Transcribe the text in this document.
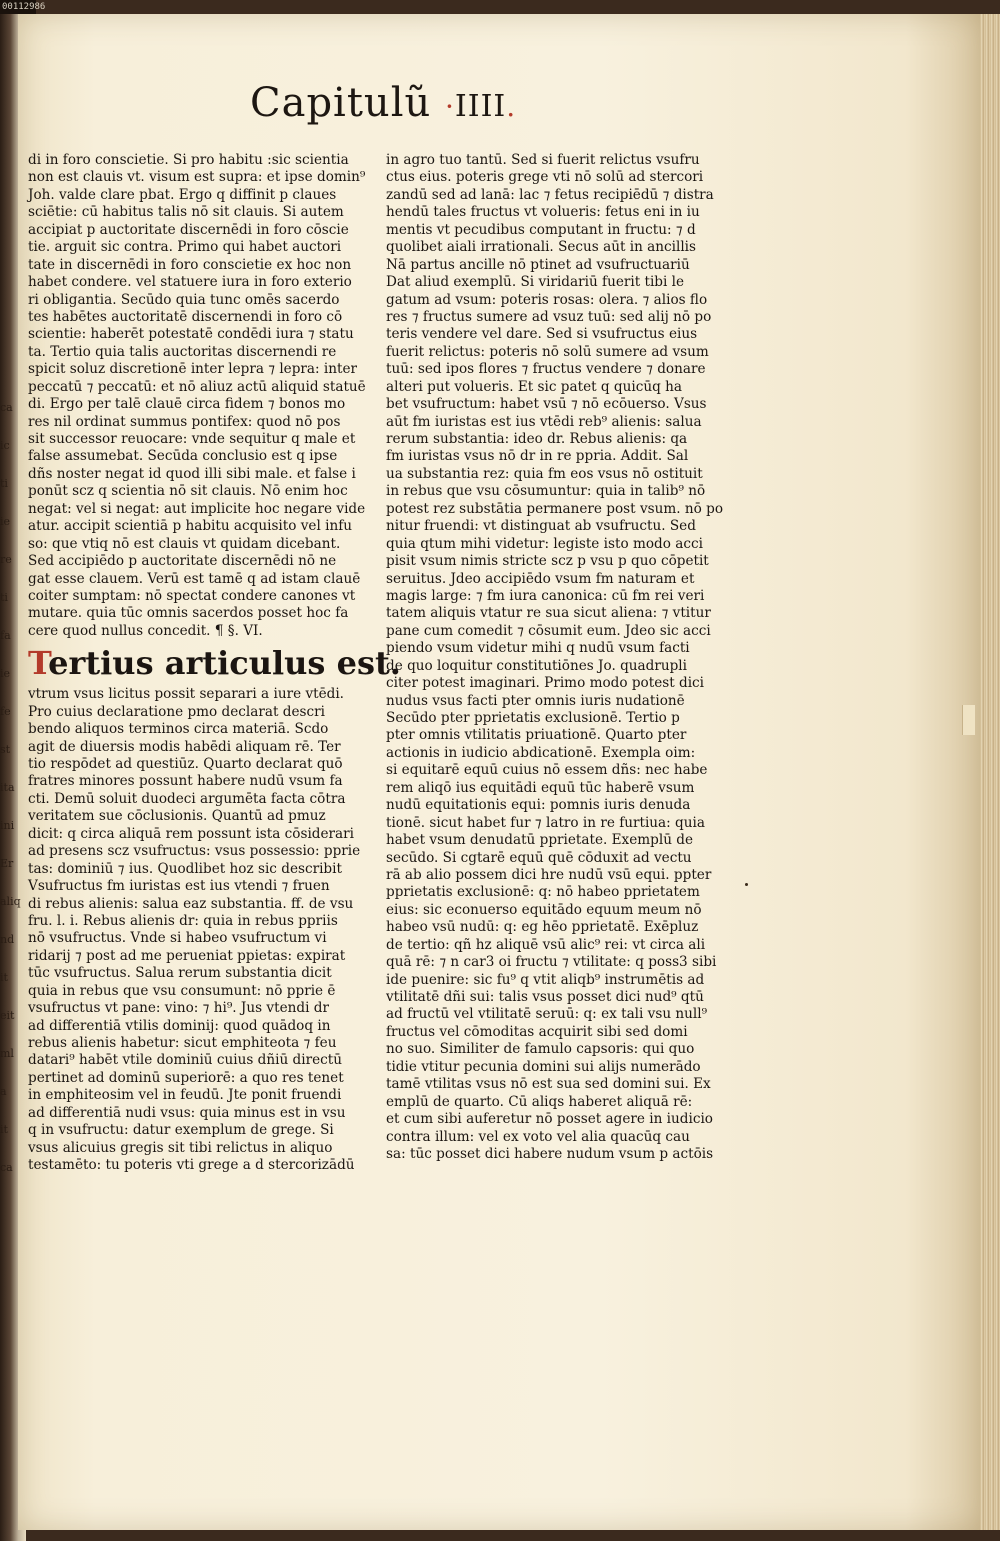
00112986
ca
ic
ti
ie
re
ti
fa
ie
fe
st
ita
ini
Er
aliq
nd
it
eit
ml
a
it
ca
Capitulũ ·IIII.
di in foro conscietie. Si pro habitu :sic scientia
non est clauis vt. visum est supra: et ipse domin⁹
Joh. valde clare pbat. Ergo q diffinit p claues
sciētie: cū habitus talis nō sit clauis. Si autem
accipiat p auctoritate discernēdi in foro cōscie
tie. arguit sic contra. Primo qui habet auctori
tate in discernēdi in foro conscietie ex hoc non
habet condere. vel statuere iura in foro exterio
ri obligantia. Secūdo quia tunc omēs sacerdo
tes habētes auctoritatē discernendi in foro cō
scientie: haberēt potestatē condēdi iura ⁊ statu
ta. Tertio quia talis auctoritas discernendi re
spicit soluz discretionē inter lepra ⁊ lepra: inter
peccatū ⁊ peccatū: et nō aliuz actū aliquid statuē
di. Ergo per talē clauē circa fidem ⁊ bonos mo
res nil ordinat summus pontifex: quod nō pos
sit successor reuocare: vnde sequitur q male et
false assumebat. Secūda conclusio est q ipse
dñs noster negat id quod illi sibi male. et false i
ponūt scz q scientia nō sit clauis. Nō enim hoc
negat: vel si negat: aut implicite hoc negare vide
atur. accipit scientiā p habitu acquisito vel infu
so: que vtiq nō est clauis vt quidam dicebant.
Sed accipiēdo p auctoritate discernēdi nō ne
gat esse clauem. Verū est tamē q ad istam clauē
coiter sumptam: nō spectat condere canones vt
mutare. quia tūc omnis sacerdos posset hoc fa
cere quod nullus concedit. ¶ §. VI.
Tertius articulus est.
vtrum vsus licitus possit separari a iure vtēdi.
Pro cuius declaratione pmo declarat descri
bendo aliquos terminos circa materiā. Scdo
agit de diuersis modis habēdi aliquam rē. Ter
tio respōdet ad questiūz. Quarto declarat quō
fratres minores possunt habere nudū vsum fa
cti. Demū soluit duodeci argumēta facta cōtra
veritatem sue cōclusionis. Quantū ad pmuz
dicit: q circa aliquā rem possunt ista cōsiderari
ad presens scz vsufructus: vsus possessio: pprie
tas: dominiū ⁊ ius. Quodlibet hoz sic describit
Vsufructus fm iuristas est ius vtendi ⁊ fruen
di rebus alienis: salua eaz substantia. ff. de vsu
fru. l. i. Rebus alienis dr: quia in rebus ppriis
nō vsufructus. Vnde si habeo vsufructum vi
ridarij ⁊ post ad me perueniat ppietas: expirat
tūc vsufructus. Salua rerum substantia dicit
quia in rebus que vsu consumunt: nō pprie ē
vsufructus vt pane: vino: ⁊ hi⁹. Jus vtendi dr
ad differentiā vtilis dominij: quod quādoq in
rebus alienis habetur: sicut emphiteota ⁊ feu
datari⁹ habēt vtile dominiū cuius dñiū directū
pertinet ad dominū superiorē: a quo res tenet
in emphiteosim vel in feudū. Jte ponit fruendi
ad differentiā nudi vsus: quia minus est in vsu
q in vsufructu: datur exemplum de grege. Si
vsus alicuius gregis sit tibi relictus in aliquo
testamēto: tu poteris vti grege a d stercorizādū
in agro tuo tantū. Sed si fuerit relictus vsufru
ctus eius. poteris grege vti nō solū ad stercori
zandū sed ad lanā: lac ⁊ fetus recipiēdū ⁊ distra
hendū tales fructus vt volueris: fetus eni in iu
mentis vt pecudibus computant in fructu: ⁊ d
quolibet aiali irrationali. Secus aūt in ancillis
Nā partus ancille nō ptinet ad vsufructuariū
Dat aliud exemplū. Si viridariū fuerit tibi le
gatum ad vsum: poteris rosas: olera. ⁊ alios flo
res ⁊ fructus sumere ad vsuz tuū: sed alij nō po
teris vendere vel dare. Sed si vsufructus eius
fuerit relictus: poteris nō solū sumere ad vsum
tuū: sed ipos flores ⁊ fructus vendere ⁊ donare
alteri put volueris. Et sic patet q quicūq ha
bet vsufructum: habet vsū ⁊ nō ecōuerso. Vsus
aūt fm iuristas est ius vtēdi reb⁹ alienis: salua
rerum substantia: ideo dr. Rebus alienis: qa
fm iuristas vsus nō dr in re ppria. Addit. Sal
ua substantia rez: quia fm eos vsus nō ostituit
in rebus que vsu cōsumuntur: quia in talib⁹ nō
potest rez substātia permanere post vsum. nō po
nitur fruendi: vt distinguat ab vsufructu. Sed
quia qtum mihi videtur: legiste isto modo acci
pisit vsum nimis stricte scz p vsu p quo cōpetit
seruitus. Jdeo accipiēdo vsum fm naturam et
magis large: ⁊ fm iura canonica: cū fm rei veri
tatem aliquis vtatur re sua sicut aliena: ⁊ vtitur
pane cum comedit ⁊ cōsumit eum. Jdeo sic acci
piendo vsum videtur mihi q nudū vsum facti
de quo loquitur constitutiōnes Jo. quadrupli
citer potest imaginari. Primo modo potest dici
nudus vsus facti pter omnis iuris nudationē
Secūdo pter pprietatis exclusionē. Tertio p
pter omnis vtilitatis priuationē. Quarto pter
actionis in iudicio abdicationē. Exempla oim:
si equitarē equū cuius nō essem dñs: nec habe
rem aliqō ius equitādi equū tūc haberē vsum
nudū equitationis equi: pomnis iuris denuda
tionē. sicut habet fur ⁊ latro in re furtiua: quia
habet vsum denudatū pprietate. Exemplū de
secūdo. Si cgtarē equū quē cōduxit ad vectu
rā ab alio possem dici hre nudū vsū equi. ppter
pprietatis exclusionē: q: nō habeo pprietatem
eius: sic econuerso equitādo equum meum nō
habeo vsū nudū: q: eg hēo pprietatē. Exēpluz
de tertio: qñ hz aliquē vsū alic⁹ rei: vt circa ali
quā rē: ⁊ n car3 oi fructu ⁊ vtilitate: q poss3 sibi
ide puenire: sic fu⁹ q vtit aliqb⁹ instrumētis ad
vtilitatē dñi sui: talis vsus posset dici nud⁹ qtū
ad fructū vel vtilitatē seruū: q: ex tali vsu null⁹
fructus vel cōmoditas acquirit sibi sed domi
no suo. Similiter de famulo capsoris: qui quo
tidie vtitur pecunia domini sui alijs numerādo
tamē vtilitas vsus nō est sua sed domini sui. Ex
emplū de quarto. Cū aliqs haberet aliquā rē:
et cum sibi auferetur nō posset agere in iudicio
contra illum: vel ex voto vel alia quacūq cau
sa: tūc posset dici habere nudum vsum p actōis
